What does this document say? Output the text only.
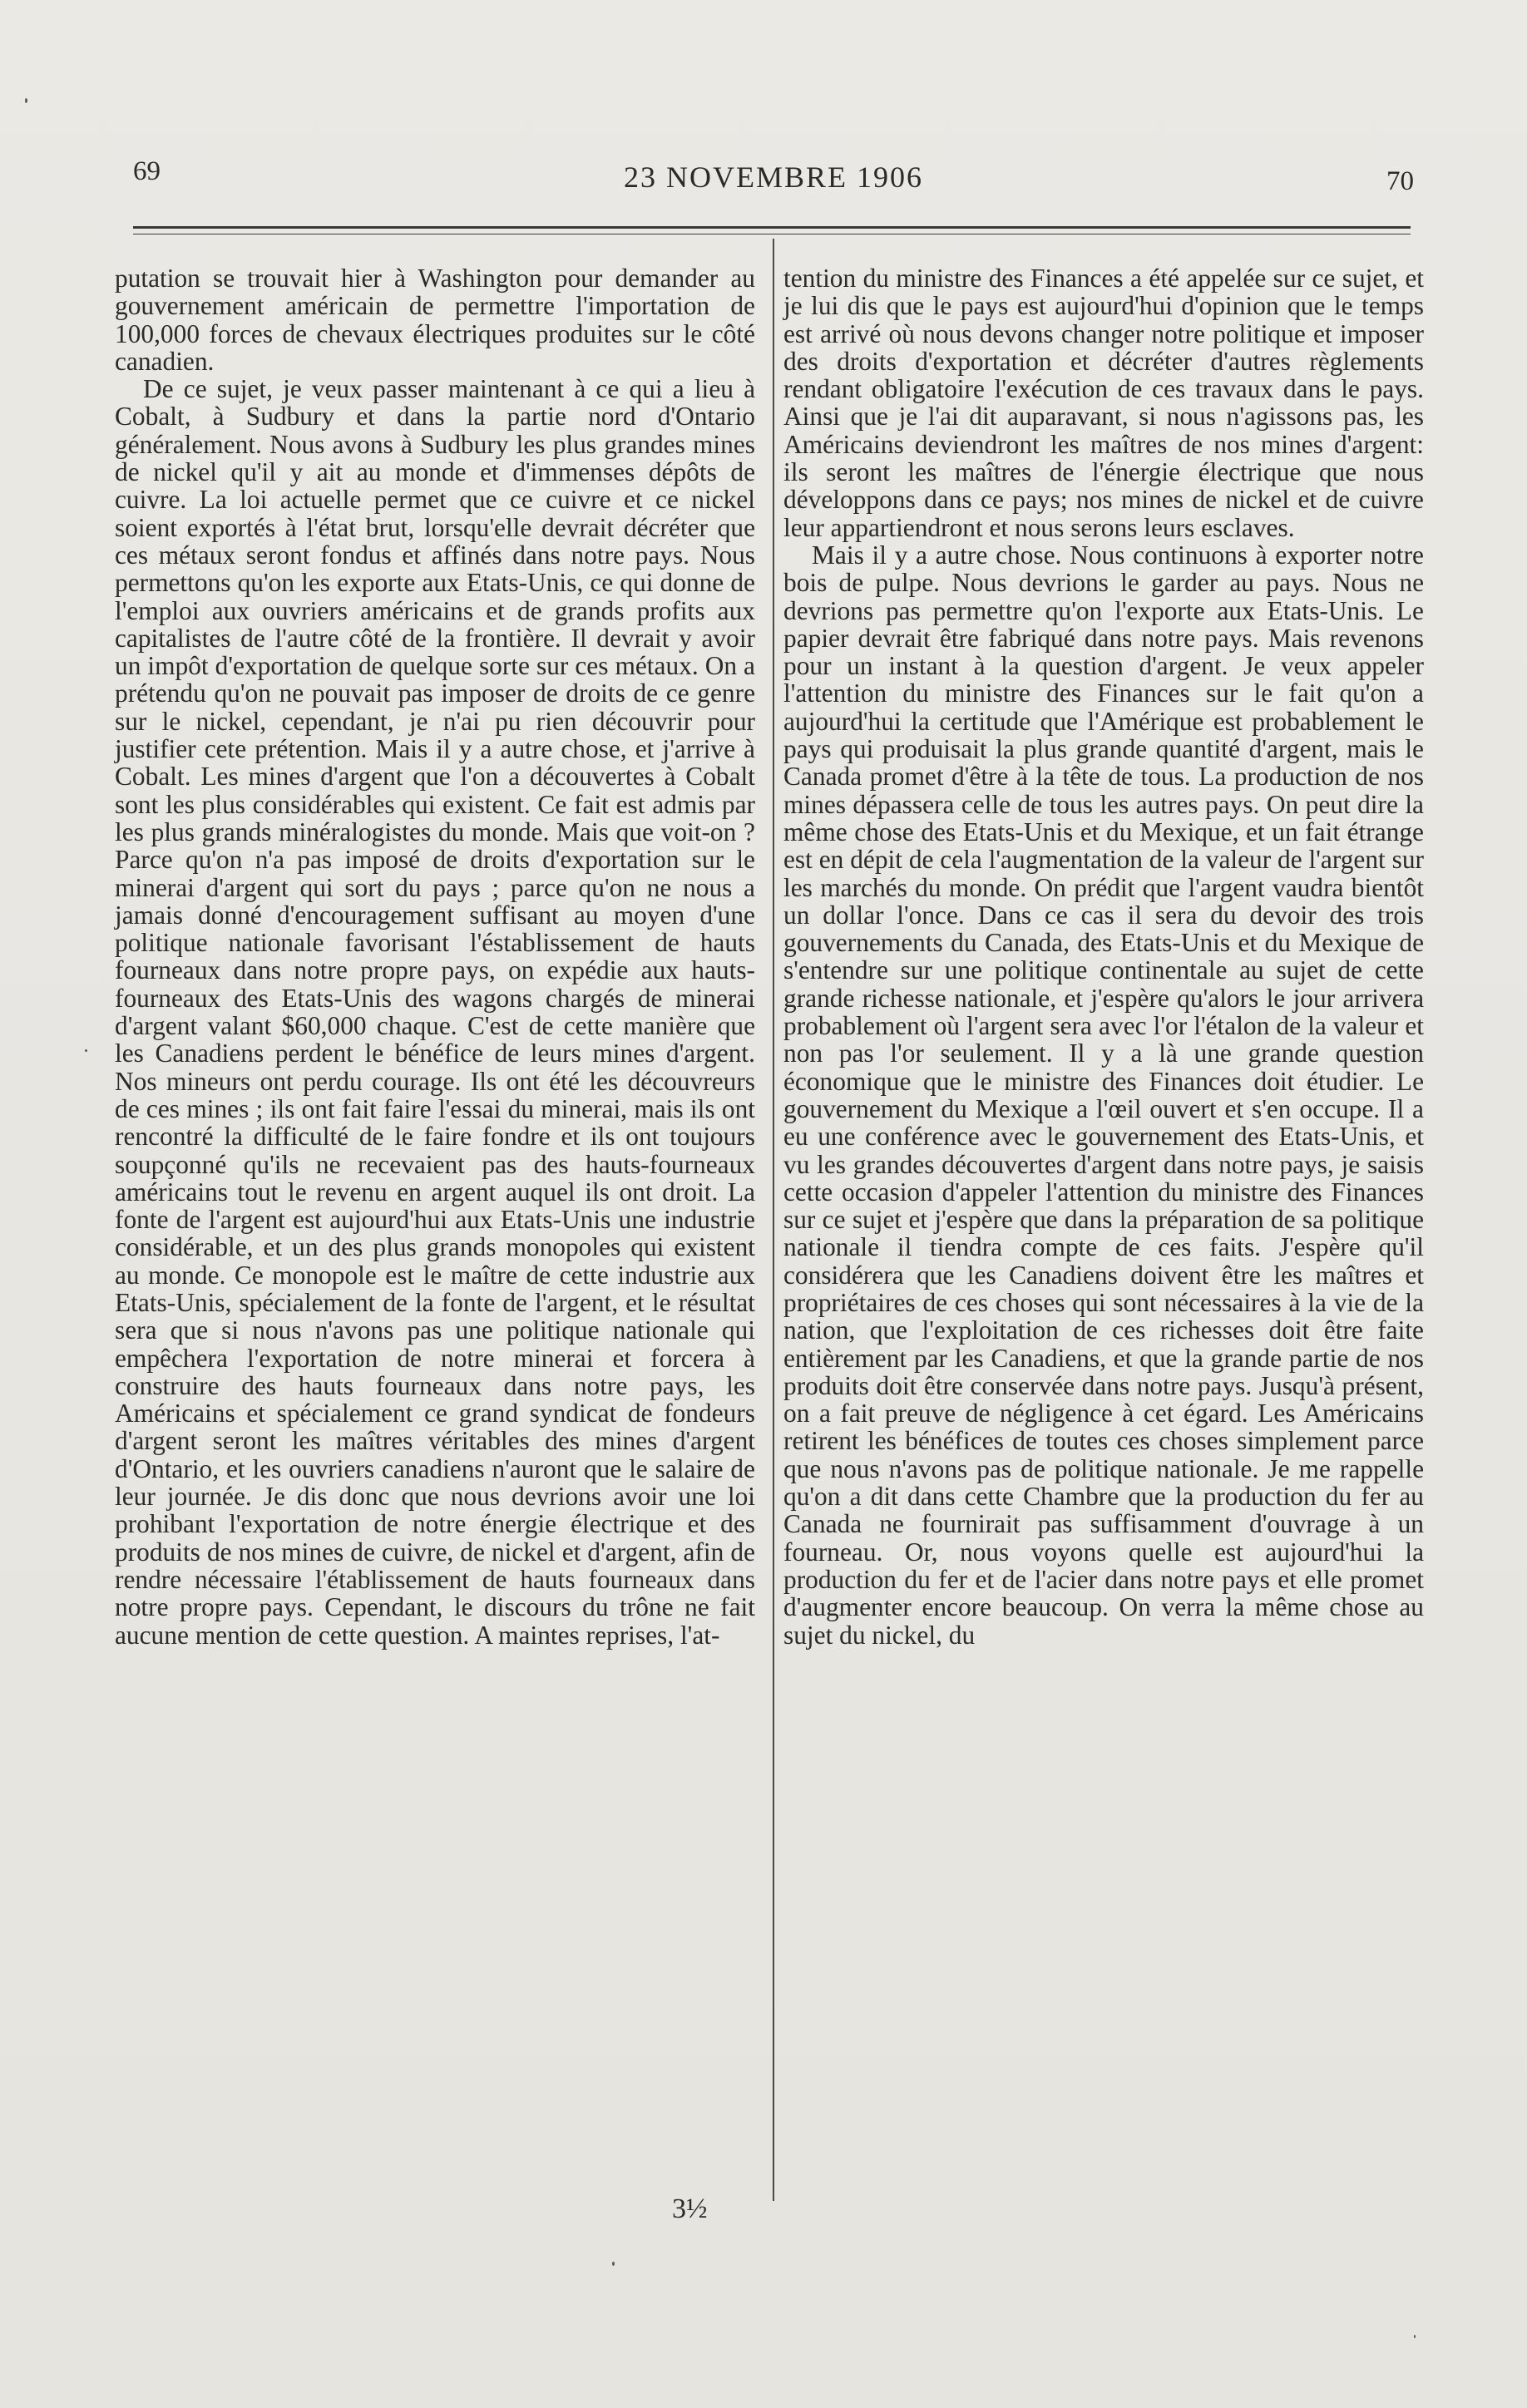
69	23 NOVEMBRE 1906	70

putation se trouvait hier à Washington pour demander au gouvernement américain de permettre l'importation de 100,000 forces de chevaux électriques produites sur le côté canadien.

De ce sujet, je veux passer maintenant à ce qui a lieu à Cobalt, à Sudbury et dans la partie nord d'Ontario généralement. Nous avons à Sudbury les plus grandes mines de nickel qu'il y ait au monde et d'immenses dépôts de cuivre. La loi actuelle permet que ce cuivre et ce nickel soient exportés à l'état brut, lorsqu'elle devrait décréter que ces métaux seront fondus et affinés dans notre pays. Nous permettons qu'on les exporte aux Etats-Unis, ce qui donne de l'emploi aux ouvriers américains et de grands profits aux capitalistes de l'autre côté de la frontière. Il devrait y avoir un impôt d'exportation de quelque sorte sur ces métaux. On a prétendu qu'on ne pouvait pas imposer de droits de ce genre sur le nickel, cependant, je n'ai pu rien découvrir pour justifier cete prétention. Mais il y a autre chose, et j'arrive à Cobalt. Les mines d'argent que l'on a découvertes à Cobalt sont les plus considérables qui existent. Ce fait est admis par les plus grands minéralogistes du monde. Mais que voit-on ? Parce qu'on n'a pas imposé de droits d'exportation sur le minerai d'argent qui sort du pays ; parce qu'on ne nous a jamais donné d'encouragement suffisant au moyen d'une politique nationale favorisant l'éstablissement de hauts fourneaux dans notre propre pays, on expédie aux hauts-fourneaux des Etats-Unis des wagons chargés de minerai d'argent valant $60,000 chaque. C'est de cette manière que les Canadiens perdent le bénéfice de leurs mines d'argent. Nos mineurs ont perdu courage. Ils ont été les découvreurs de ces mines ; ils ont fait faire l'essai du minerai, mais ils ont rencontré la difficulté de le faire fondre et ils ont toujours soupçonné qu'ils ne recevaient pas des hauts-fourneaux américains tout le revenu en argent auquel ils ont droit. La fonte de l'argent est aujourd'hui aux Etats-Unis une industrie considérable, et un des plus grands monopoles qui existent au monde. Ce monopole est le maître de cette industrie aux Etats-Unis, spécialement de la fonte de l'argent, et le résultat sera que si nous n'avons pas une politique nationale qui empêchera l'exportation de notre minerai et forcera à construire des hauts fourneaux dans notre pays, les Américains et spécialement ce grand syndicat de fondeurs d'argent seront les maîtres véritables des mines d'argent d'Ontario, et les ouvriers canadiens n'auront que le salaire de leur journée. Je dis donc que nous devrions avoir une loi prohibant l'exportation de notre énergie électrique et des produits de nos mines de cuivre, de nickel et d'argent, afin de rendre nécessaire l'établissement de hauts fourneaux dans notre propre pays. Cependant, le discours du trône ne fait aucune mention de cette question. A maintes reprises, l'at-

tention du ministre des Finances a été appelée sur ce sujet, et je lui dis que le pays est aujourd'hui d'opinion que le temps est arrivé où nous devons changer notre politique et imposer des droits d'exportation et décréter d'autres règlements rendant obligatoire l'exécution de ces travaux dans le pays. Ainsi que je l'ai dit auparavant, si nous n'agissons pas, les Américains deviendront les maîtres de nos mines d'argent: ils seront les maîtres de l'énergie électrique que nous développons dans ce pays; nos mines de nickel et de cuivre leur appartiendront et nous serons leurs esclaves.

Mais il y a autre chose. Nous continuons à exporter notre bois de pulpe. Nous devrions le garder au pays. Nous ne devrions pas permettre qu'on l'exporte aux Etats-Unis. Le papier devrait être fabriqué dans notre pays. Mais revenons pour un instant à la question d'argent. Je veux appeler l'attention du ministre des Finances sur le fait qu'on a aujourd'hui la certitude que l'Amérique est probablement le pays qui produisait la plus grande quantité d'argent, mais le Canada promet d'être à la tête de tous. La production de nos mines dépassera celle de tous les autres pays. On peut dire la même chose des Etats-Unis et du Mexique, et un fait étrange est en dépit de cela l'augmentation de la valeur de l'argent sur les marchés du monde. On prédit que l'argent vaudra bientôt un dollar l'once. Dans ce cas il sera du devoir des trois gouvernements du Canada, des Etats-Unis et du Mexique de s'entendre sur une politique continentale au sujet de cette grande richesse nationale, et j'espère qu'alors le jour arrivera probablement où l'argent sera avec l'or l'étalon de la valeur et non pas l'or seulement. Il y a là une grande question économique que le ministre des Finances doit étudier. Le gouvernement du Mexique a l'œil ouvert et s'en occupe. Il a eu une conférence avec le gouvernement des Etats-Unis, et vu les grandes découvertes d'argent dans notre pays, je saisis cette occasion d'appeler l'attention du ministre des Finances sur ce sujet et j'espère que dans la préparation de sa politique nationale il tiendra compte de ces faits. J'espère qu'il considérera que les Canadiens doivent être les maîtres et propriétaires de ces choses qui sont nécessaires à la vie de la nation, que l'exploitation de ces richesses doit être faite entièrement par les Canadiens, et que la grande partie de nos produits doit être conservée dans notre pays. Jusqu'à présent, on a fait preuve de négligence à cet égard. Les Américains retirent les bénéfices de toutes ces choses simplement parce que nous n'avons pas de politique nationale. Je me rappelle qu'on a dit dans cette Chambre que la production du fer au Canada ne fournirait pas suffisamment d'ouvrage à un fourneau. Or, nous voyons quelle est aujourd'hui la production du fer et de l'acier dans notre pays et elle promet d'augmenter encore beaucoup. On verra la même chose au sujet du nickel, du

3½
